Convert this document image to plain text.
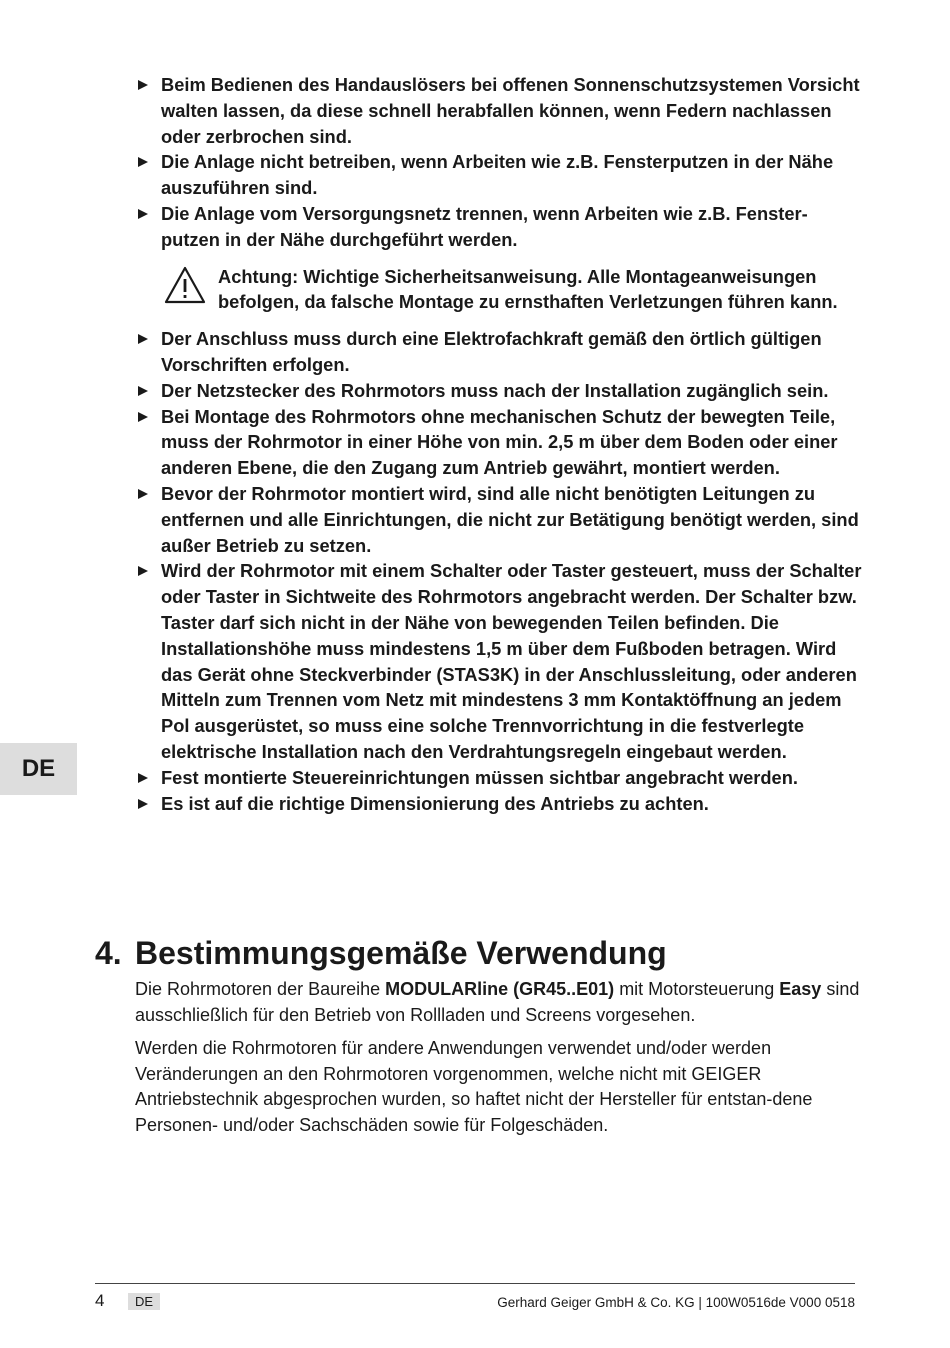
Beim Bedienen des Handauslösers bei offenen Sonnenschutzsystemen Vorsicht walten lassen, da diese schnell herabfallen können, wenn Federn nachlassen oder zerbrochen sind.
Die Anlage nicht betreiben, wenn Arbeiten wie z.B. Fensterputzen in der Nähe auszuführen sind.
Die Anlage vom Versorgungsnetz trennen, wenn Arbeiten wie z.B. Fenster-putzen in der Nähe durchgeführt werden.
Achtung: Wichtige Sicherheitsanweisung. Alle Montageanweisungen befolgen, da falsche Montage zu ernsthaften Verletzungen führen kann.
Der Anschluss muss durch eine Elektrofachkraft gemäß den örtlich gültigen Vorschriften erfolgen.
Der Netzstecker des Rohrmotors muss nach der Installation zugänglich sein.
Bei Montage des Rohrmotors ohne mechanischen Schutz der bewegten Teile, muss der Rohrmotor in einer Höhe von min. 2,5 m über dem Boden oder einer anderen Ebene, die den Zugang zum Antrieb gewährt, montiert werden.
Bevor der Rohrmotor montiert wird, sind alle nicht benötigten Leitungen zu entfernen und alle Einrichtungen, die nicht zur Betätigung benötigt werden, sind außer Betrieb zu setzen.
Wird der Rohrmotor mit einem Schalter oder Taster gesteuert, muss der Schalter oder Taster in Sichtweite des Rohrmotors angebracht werden. Der Schalter bzw. Taster darf sich nicht in der Nähe von bewegenden Teilen befinden. Die Installationshöhe muss mindestens 1,5 m über dem Fußboden betragen. Wird das Gerät ohne Steckverbinder (STAS3K) in der Anschlussleitung, oder anderen Mitteln zum Trennen vom Netz mit mindestens 3 mm Kontaktöffnung an jedem Pol ausgerüstet, so muss eine solche Trennvorrichtung in die festverlegte elektrische Installation nach den Verdrahtungsregeln eingebaut werden.
Fest montierte Steuereinrichtungen müssen sichtbar angebracht werden.
Es ist auf die richtige Dimensionierung des Antriebs zu achten.
DE
4. Bestimmungsgemäße Verwendung

Die Rohrmotoren der Baureihe MODULARline (GR45..E01) mit Motorsteuerung Easy sind ausschließlich für den Betrieb von Rollladen und Screens vorgesehen.

Werden die Rohrmotoren für andere Anwendungen verwendet und/oder werden Veränderungen an den Rohrmotoren vorgenommen, welche nicht mit GEIGER Antriebstechnik abgesprochen wurden, so haftet nicht der Hersteller für entstan-dene Personen- und/oder Sachschäden sowie für Folgeschäden.

4	DE	Gerhard Geiger GmbH & Co. KG | 100W0516de V000 0518
